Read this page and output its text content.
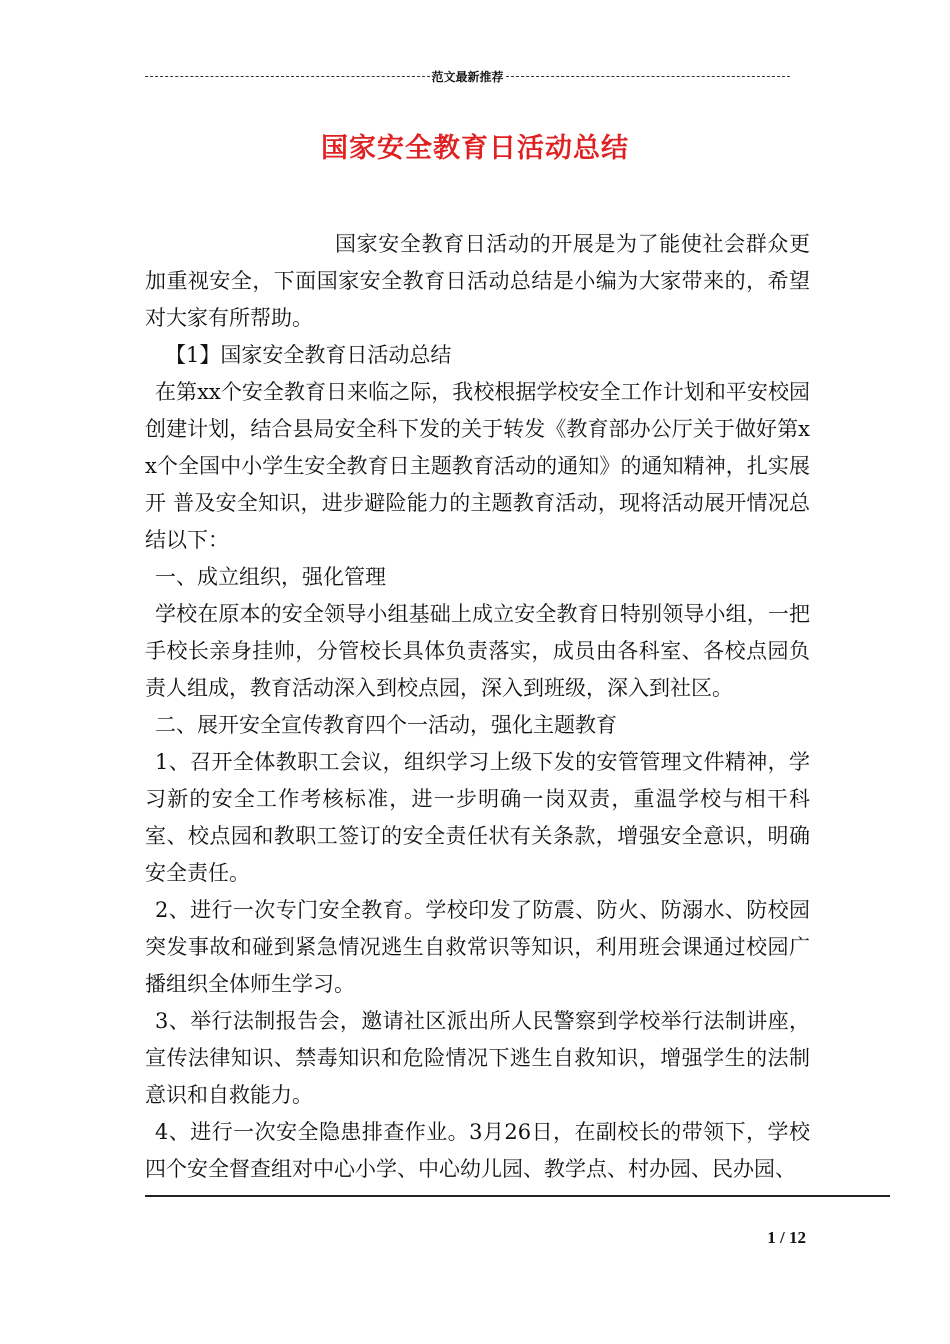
范文最新推荐
国家安全教育日活动总结

国家安全教育日活动的开展是为了能使社会群众更加重视安全，下面国家安全教育日活动总结是小编为大家带来的，希望对大家有所帮助。

【1】国家安全教育日活动总结

在第xx个安全教育日来临之际，我校根据学校安全工作计划和平安校园创建计划，结合县局安全科下发的关于转发《教育部办公厅关于做好第xx个全国中小学生安全教育日主题教育活动的通知》的通知精神，扎实展开 普及安全知识，进步避险能力的主题教育活动，现将活动展开情况总结以下：

一、成立组织，强化管理

学校在原本的安全领导小组基础上成立安全教育日特别领导小组，一把手校长亲身挂帅，分管校长具体负责落实，成员由各科室、各校点园负责人组成，教育活动深入到校点园，深入到班级，深入到社区。

二、展开安全宣传教育四个一活动，强化主题教育

1、召开全体教职工会议，组织学习上级下发的安管管理文件精神，学习新的安全工作考核标准，进一步明确一岗双责，重温学校与相干科室、校点园和教职工签订的安全责任状有关条款，增强安全意识，明确安全责任。

2、进行一次专门安全教育。学校印发了防震、防火、防溺水、防校园突发事故和碰到紧急情况逃生自救常识等知识，利用班会课通过校园广播组织全体师生学习。

3、举行法制报告会，邀请社区派出所人民警察到学校举行法制讲座，宣传法律知识、禁毒知识和危险情况下逃生自救知识，增强学生的法制意识和自救能力。

4、进行一次安全隐患排查作业。3月26日，在副校长的带领下，学校四个安全督查组对中心小学、中心幼儿园、教学点、村办园、民办园、

1 / 12
